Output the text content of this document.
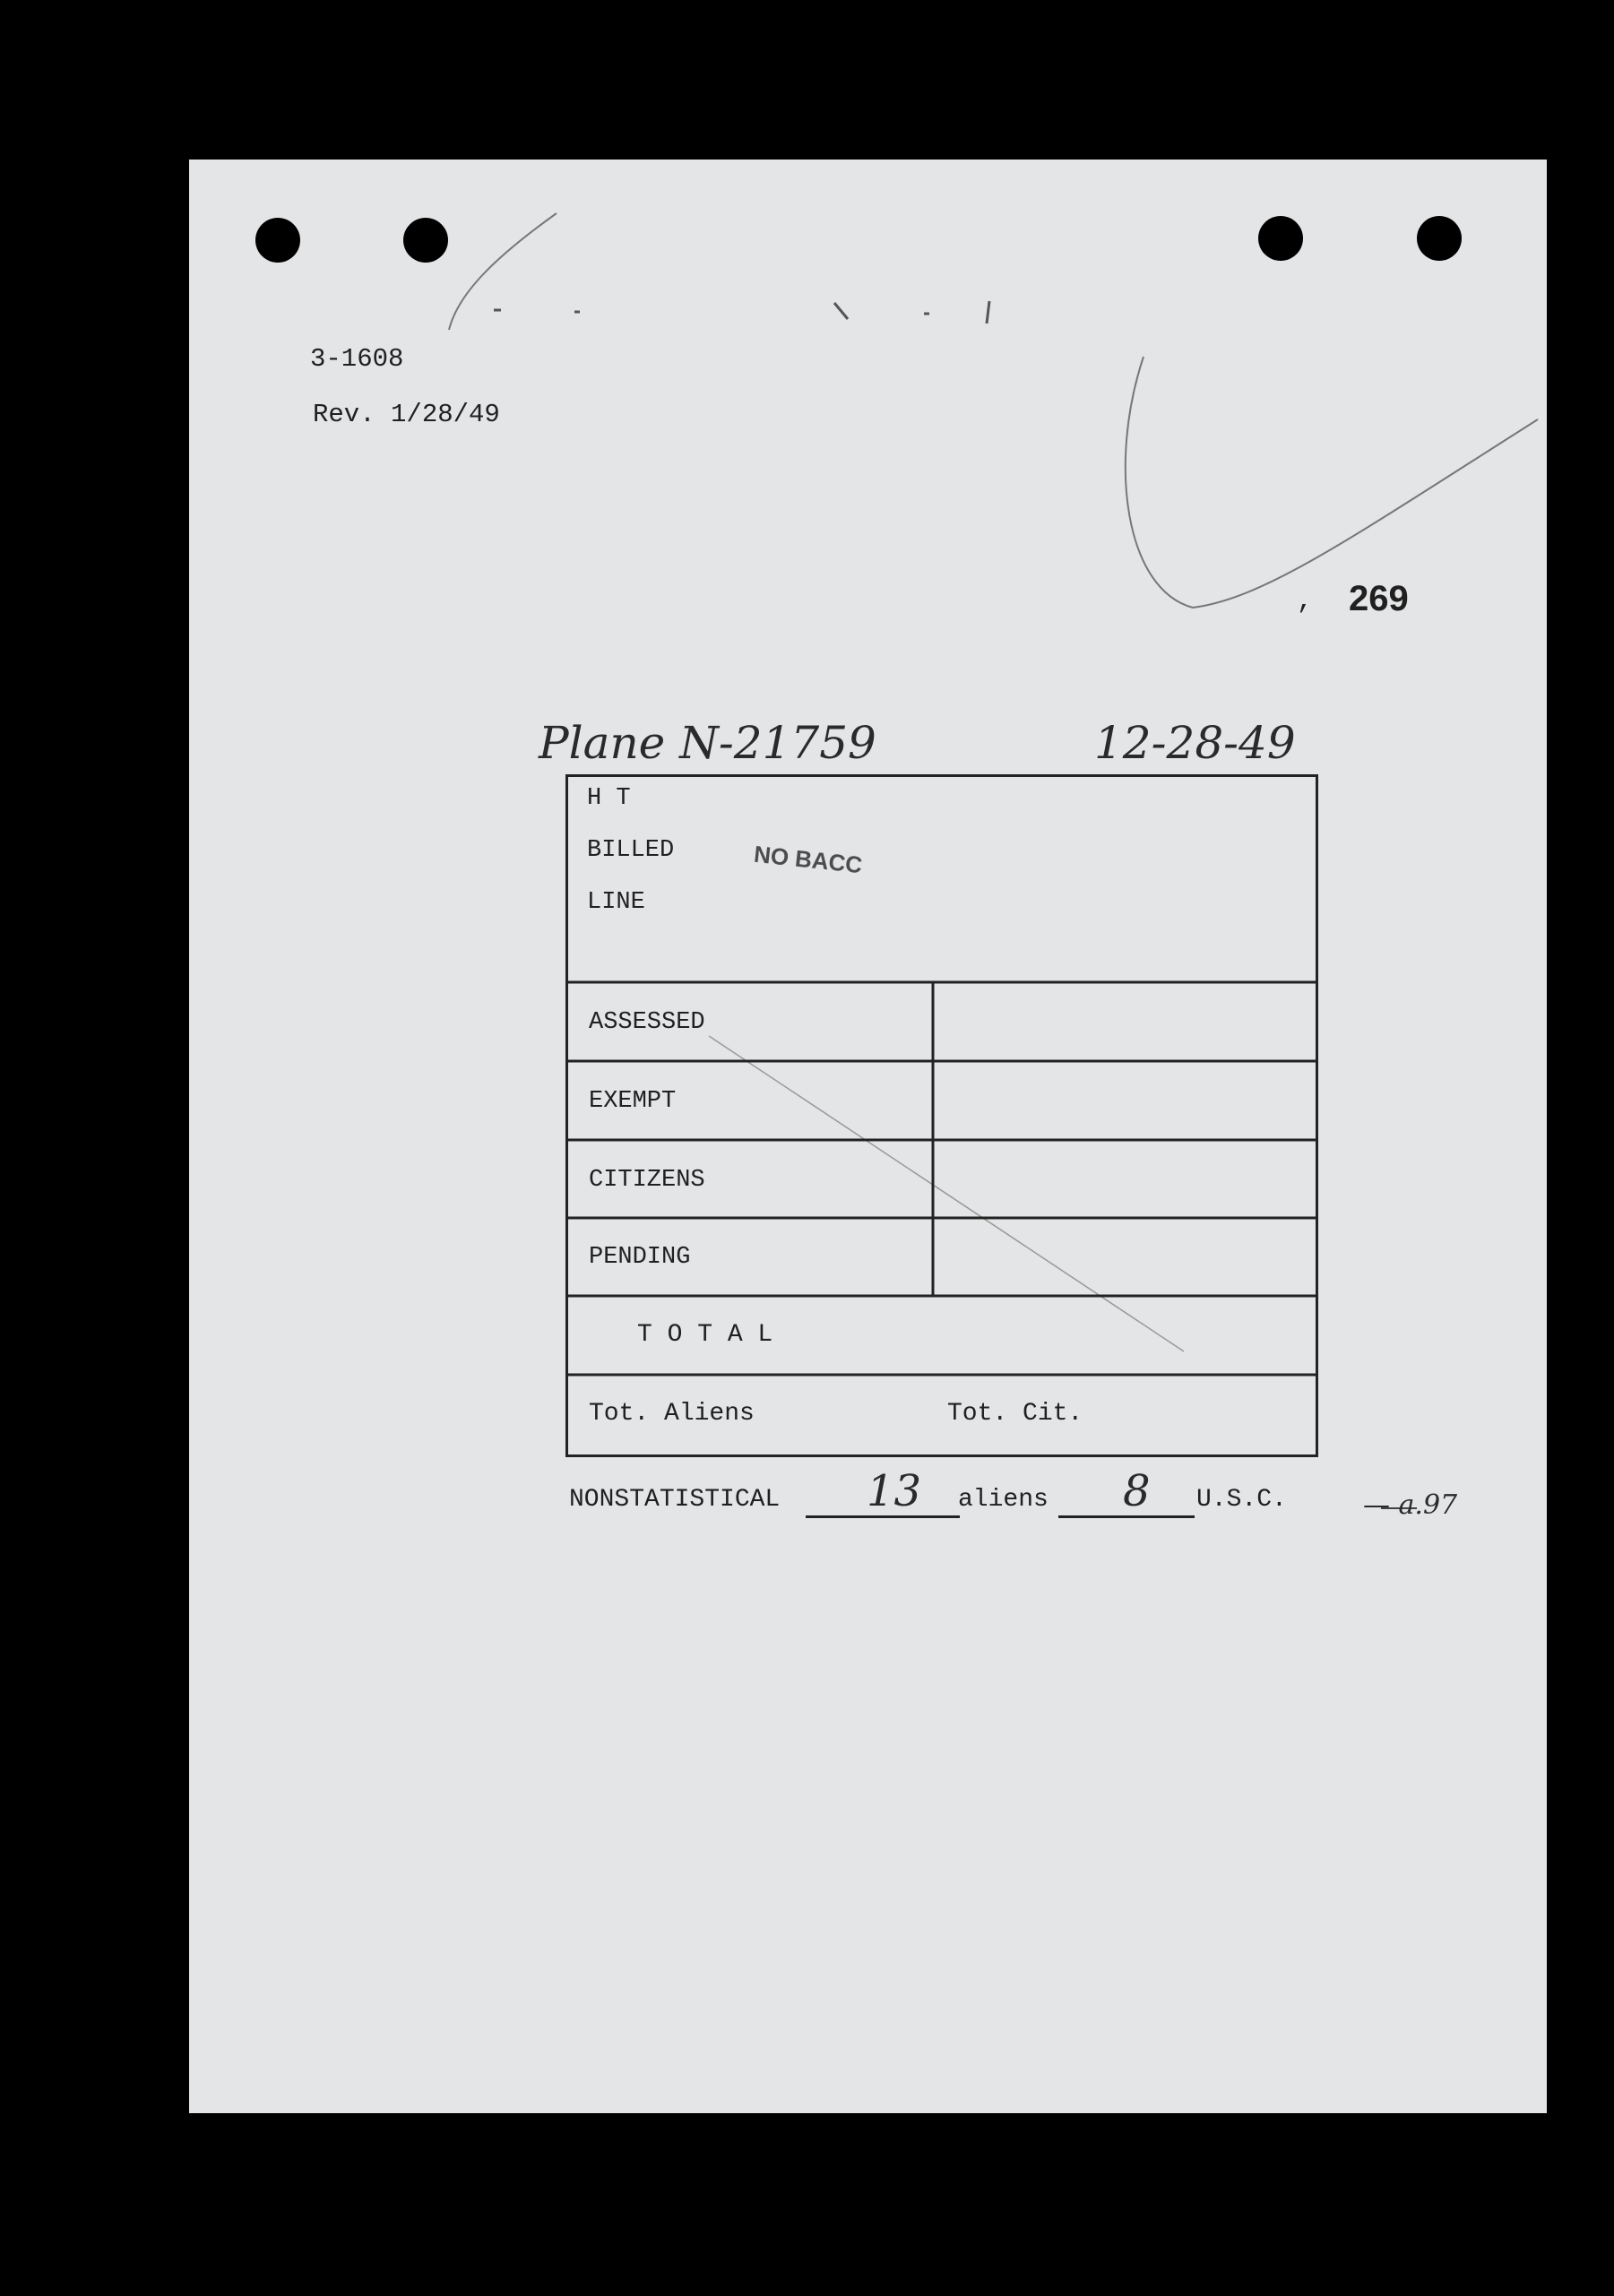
3-1608
Rev. 1/28/49
269
,
Plane N-21759	12-28-49
H T
BILLED
LINE
NO BACC
ASSESSED
EXEMPT
CITIZENS
PENDING
T O T A L
Tot. Aliens	Tot. Cit.
NONSTATISTICAL 13 aliens 8 U.S.C.	— a.97
